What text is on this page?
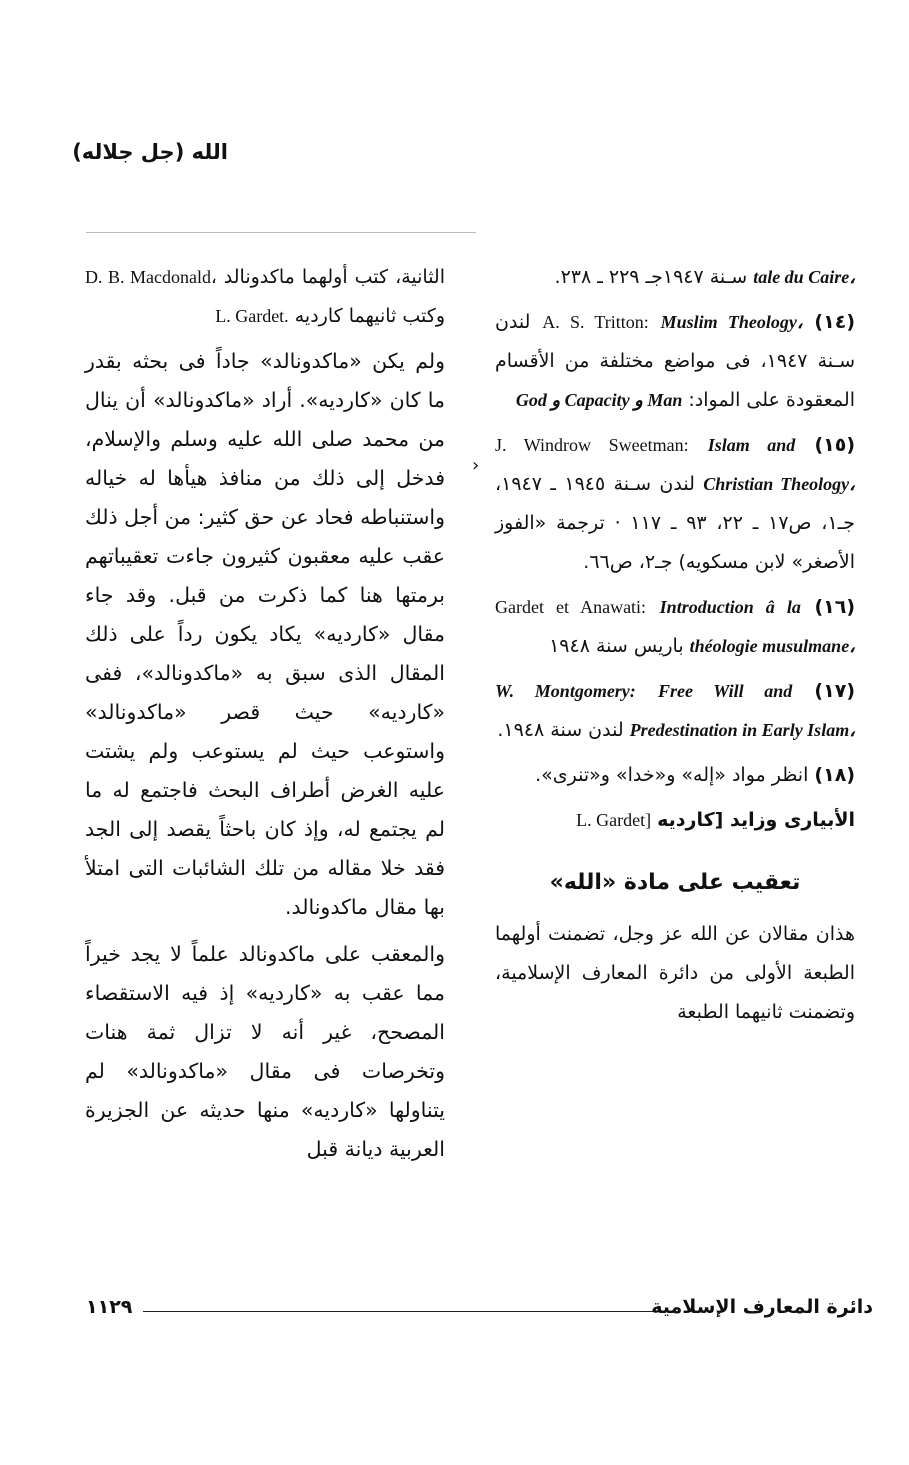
الله (جل جلاله)
›

tale du Caire، سـنة ١٩٤٧جـ ٢٢٩ ـ ٢٣٨.

(١٤) A. S. Tritton: Muslim Theology، لندن سـنة ١٩٤٧، فى مواضع مختلفة من الأقسام المعقودة على المواد: God و Capacity و Man

(١٥) J. Windrow Sweetman: Islam and Christian Theology، لندن سـنة ١٩٤٥ ـ ١٩٤٧، جـ١، ص١٧ ـ ٢٢، ٩٣ ـ ١١٧ · ترجمة «الفوز الأصغر» لابن مسكويه) جـ٢، ص٦٦.

(١٦) Gardet et Anawati: Introduction â la théologie musulmane، باريس سنة ١٩٤٨

(١٧) W. Montgomery: Free Will and Predestination in Early Islam، لندن سنة ١٩٤٨.

(١٨) انظر مواد «إله» و«خدا» و«تنرى».

الأبيارى وزايد [كارديه L. Gardet]

تعقيب على مادة «الله»

هذان مقالان عن الله عز وجل، تضمنت أولهما الطبعة الأولى من دائرة المعارف الإسلامية، وتضمنت ثانيهما الطبعة

الثانية، كتب أولهما ماكدونالد D. B. Macdonald، وكتب ثانيهما كارديه L. Gardet.

ولم يكن «ماكدونالد» جاداً فى بحثه بقدر ما كان «كارديه». أراد «ماكدونالد» أن ينال من محمد صلى الله عليه وسلم والإسلام، فدخل إلى ذلك من منافذ هيأها له خياله واستنباطه فحاد عن حق كثير: من أجل ذلك عقب عليه معقبون كثيرون جاءت تعقيباتهم برمتها هنا كما ذكرت من قبل. وقد جاء مقال «كارديه» يكاد يكون رداً على ذلك المقال الذى سبق به «ماكدونالد»، ففى «كارديه» حيث قصر «ماكدونالد» واستوعب حيث لم يستوعب ولم يشتت عليه الغرض أطراف البحث فاجتمع له ما لم يجتمع له، وإذ كان باحثاً يقصد إلى الجد فقد خلا مقاله من تلك الشائبات التى امتلأ بها مقال ماكدونالد.

والمعقب على ماكدونالد علماً لا يجد خيراً مما عقب به «كارديه» إذ فيه الاستقصاء المصحح، غير أنه لا تزال ثمة هنات وتخرصات فى مقال «ماكدونالد» لم يتناولها «كارديه» منها حديثه عن الجزيرة العربية ديانة قبل

دائرة المعارف الإسلامية
١١٢٩
